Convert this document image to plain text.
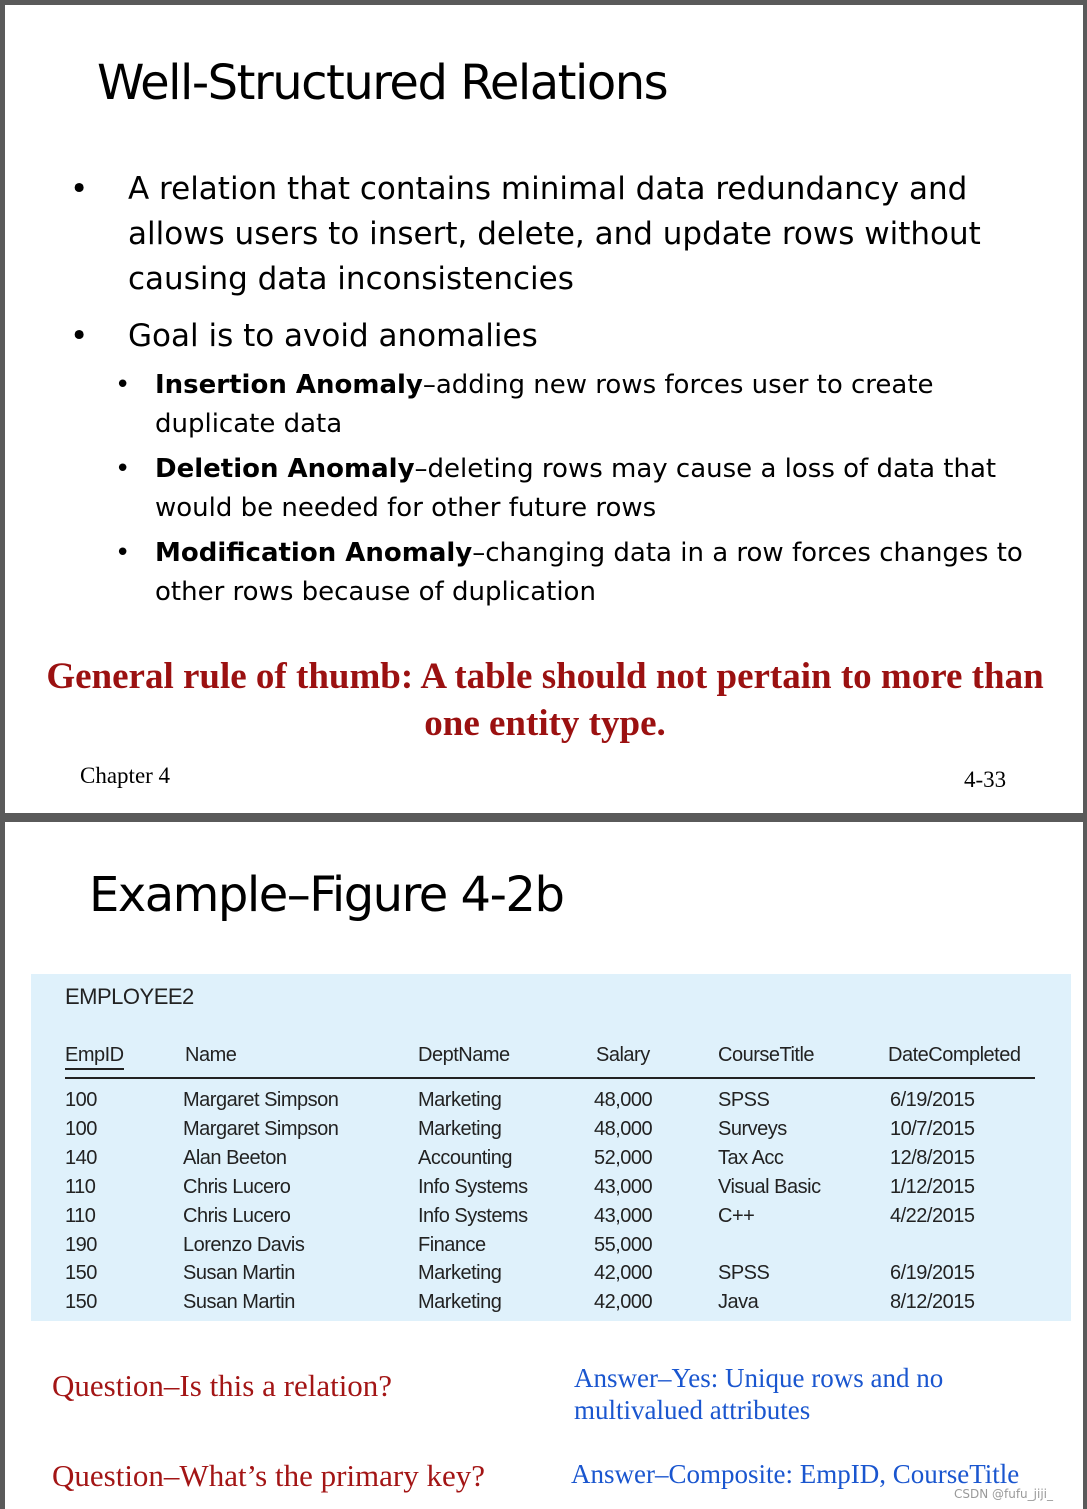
Well-Structured Relations
• A relation that contains minimal data redundancy and allows users to insert, delete, and update rows without causing data inconsistencies
• Goal is to avoid anomalies
• Insertion Anomaly–adding new rows forces user to create duplicate data
• Deletion Anomaly–deleting rows may cause a loss of data that would be needed for other future rows
• Modification Anomaly–changing data in a row forces changes to other rows because of duplication
General rule of thumb: A table should not pertain to more than one entity type.
Chapter 4	4-33
Example–Figure 4-2b
EMPLOYEE2
EmpID	Name	DeptName	Salary	CourseTitle	DateCompleted
100	Margaret Simpson	Marketing	48,000	SPSS	6/19/2015
100	Margaret Simpson	Marketing	48,000	Surveys	10/7/2015
140	Alan Beeton	Accounting	52,000	Tax Acc	12/8/2015
110	Chris Lucero	Info Systems	43,000	Visual Basic	1/12/2015
110	Chris Lucero	Info Systems	43,000	C++	4/22/2015
190	Lorenzo Davis	Finance	55,000
150	Susan Martin	Marketing	42,000	SPSS	6/19/2015
150	Susan Martin	Marketing	42,000	Java	8/12/2015
Question–Is this a relation?	Answer–Yes: Unique rows and no multivalued attributes
Question–What’s the primary key?	Answer–Composite: EmpID, CourseTitle
CSDN @fufu_jiji_
